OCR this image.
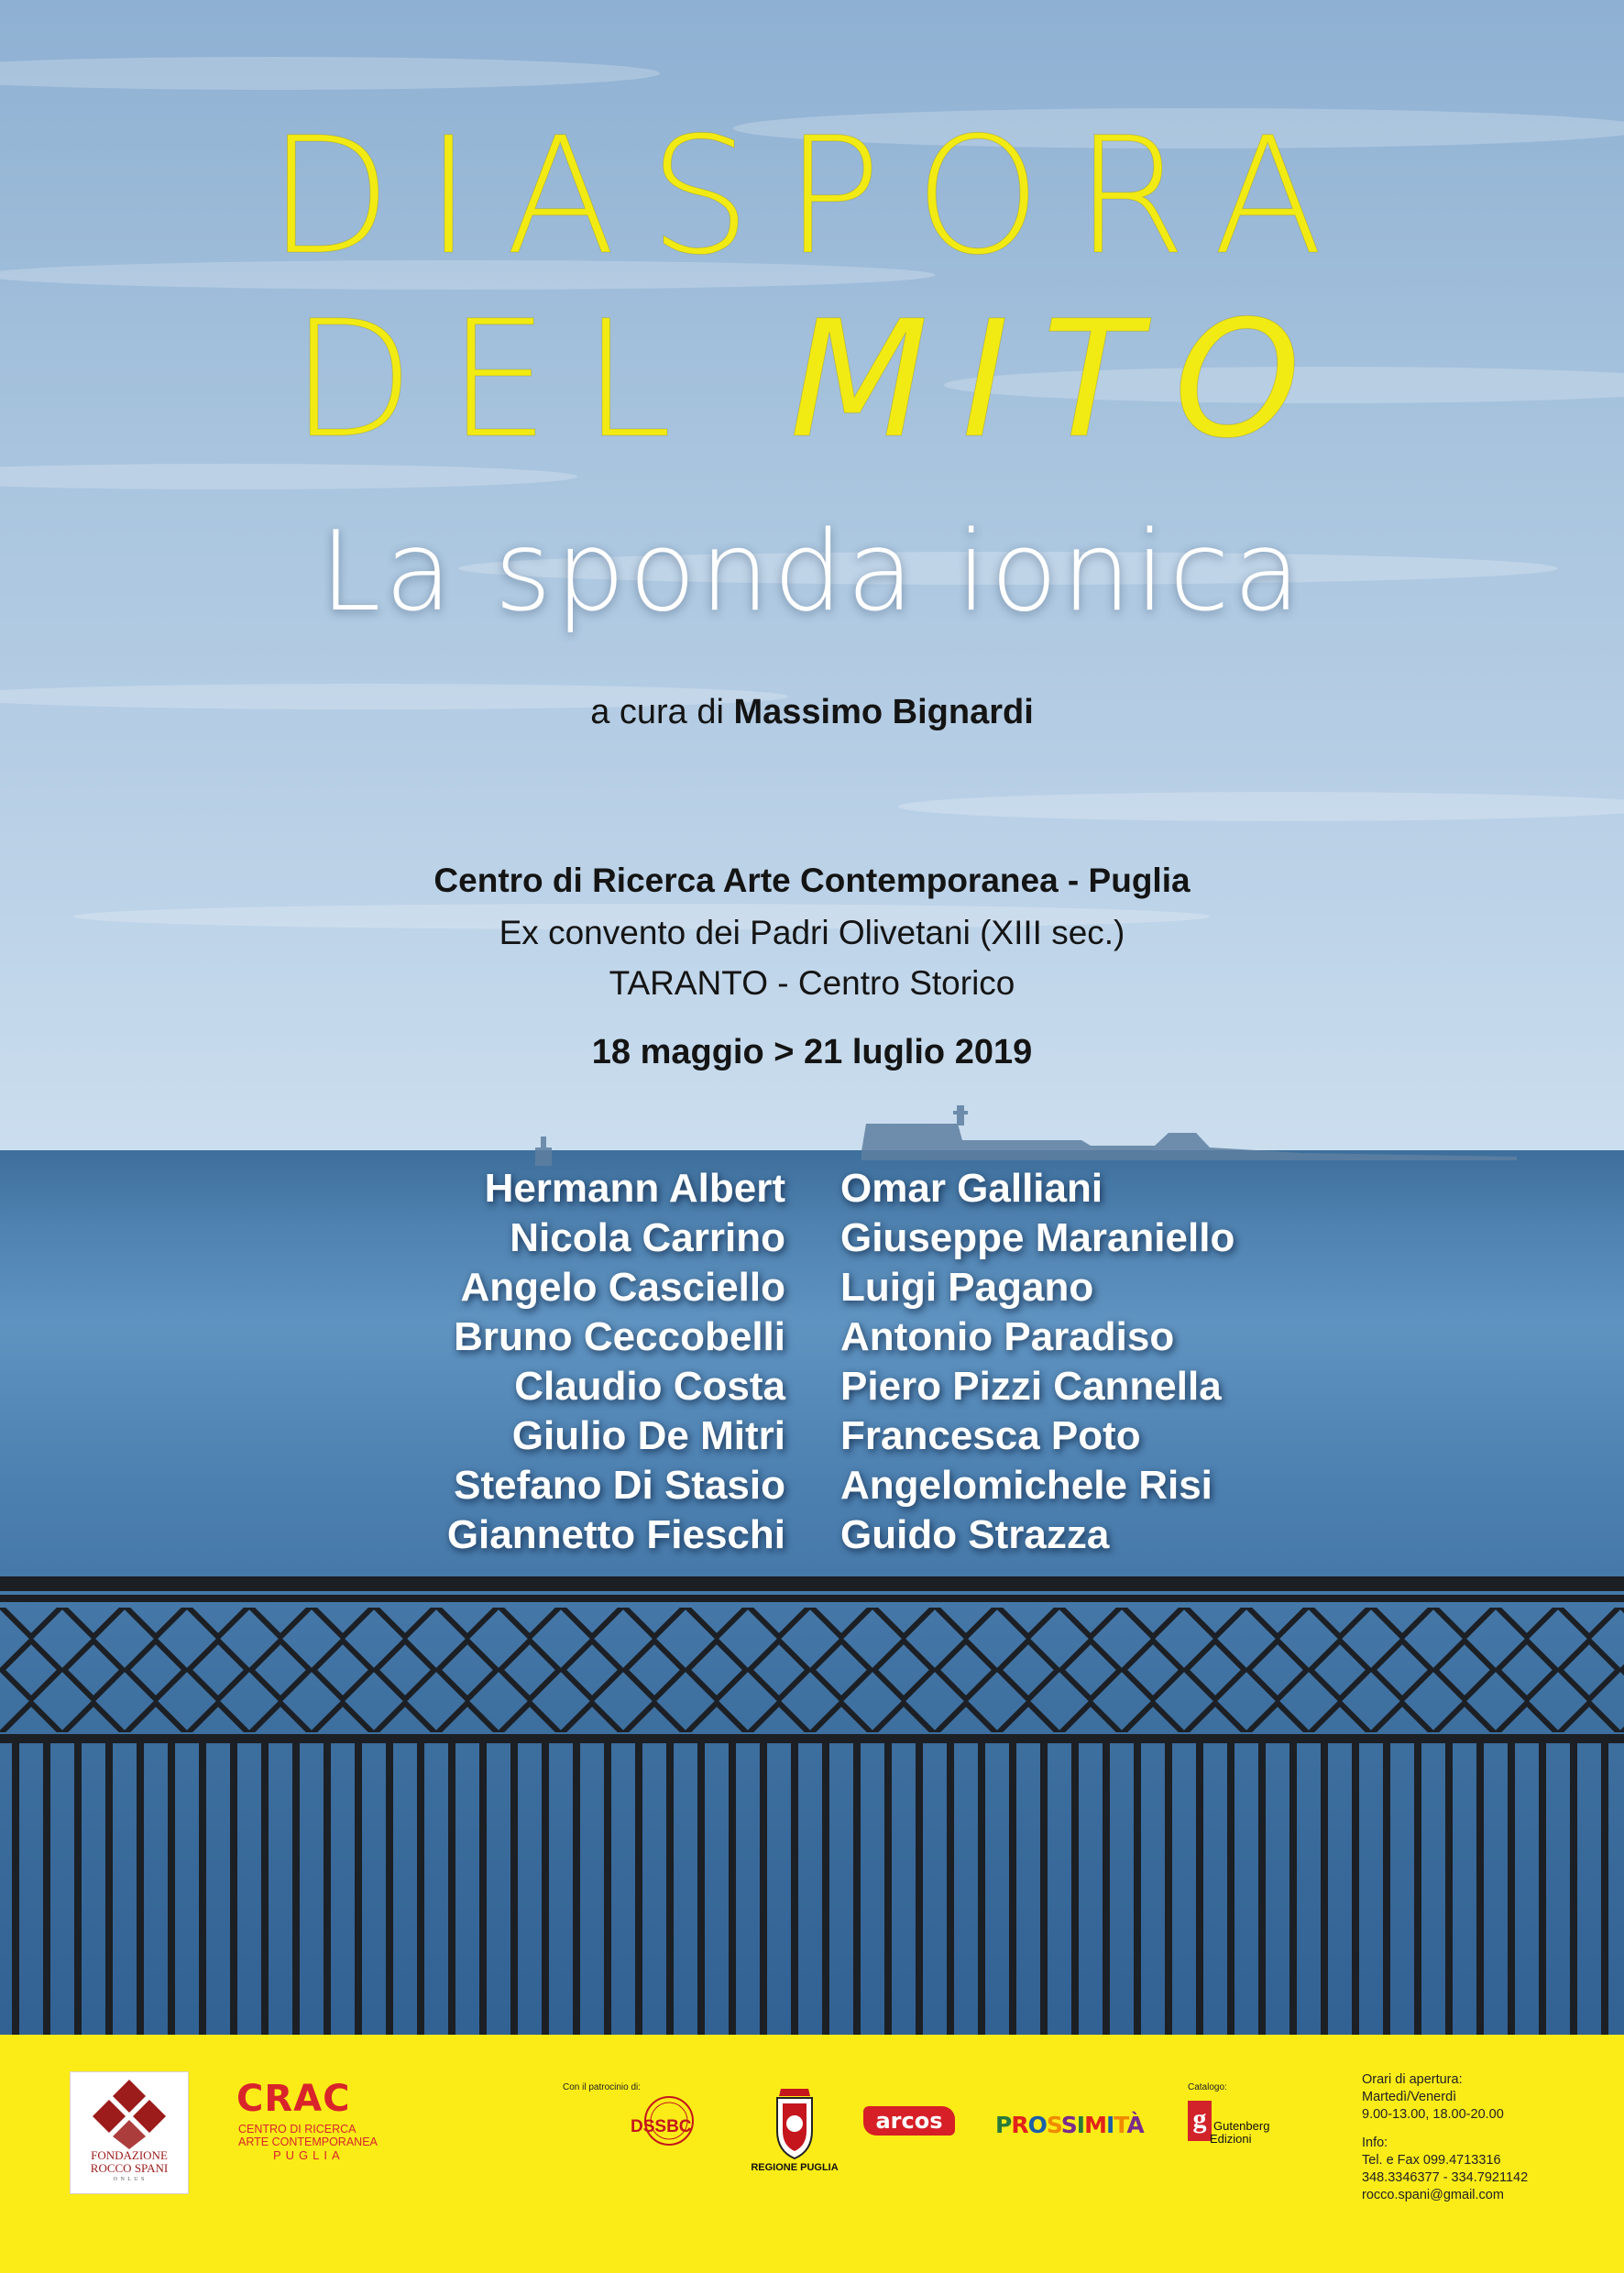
DIASPORA
DEL MITO
La sponda ionica
a cura di Massimo Bignardi
Centro di Ricerca Arte Contemporanea - Puglia
Ex convento dei Padri Olivetani (XIII sec.)
TARANTO - Centro Storico
18 maggio > 21 luglio 2019
Hermann Albert
Nicola Carrino
Angelo Casciello
Bruno Ceccobelli
Claudio Costa
Giulio De Mitri
Stefano Di Stasio
Giannetto Fieschi
Omar Galliani
Giuseppe Maraniello
Luigi Pagano
Antonio Paradiso
Piero Pizzi Cannella
Francesca Poto
Angelomichele Risi
Guido Strazza
FONDAZIONE
ROCCO SPANI
O N L U S
CRAC
CENTRO DI RICERCA
ARTE CONTEMPORANEA
PUGLIA
Con il patrocinio di:
DSSBC
REGIONE PUGLIA
arcos	PROSSIMITÀ
Catalogo:
g Gutenberg
Edizioni
Orari di apertura:
Martedì/Venerdì
9.00-13.00, 18.00-20.00
Info:
Tel. e Fax 099.4713316
348.3346377 - 334.7921142
rocco.spani@gmail.com
